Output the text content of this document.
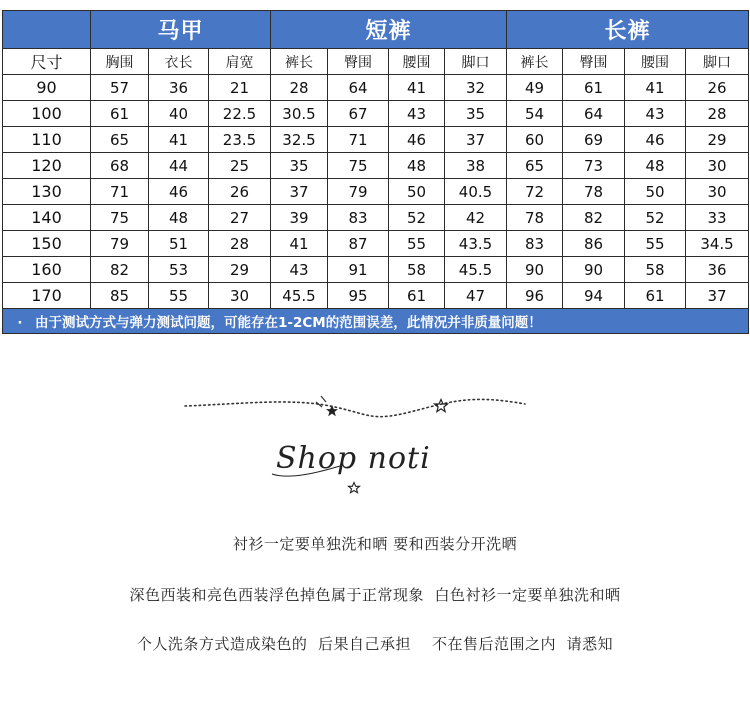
	马甲			短裤				长裤			
尺寸	胸围	衣长	肩宽	裤长	臀围	腰围	脚口	裤长	臀围	腰围	脚口
90	57	36	21	28	64	41	32	49	61	41	26
100	61	40	22.5	30.5	67	43	35	54	64	43	28
110	65	41	23.5	32.5	71	46	37	60	69	46	29
120	68	44	25	35	75	48	38	65	73	48	30
130	71	46	26	37	79	50	40.5	72	78	50	30
140	75	48	27	39	83	52	42	78	82	52	33
150	79	51	28	41	87	55	43.5	83	86	55	34.5
160	82	53	29	43	91	58	45.5	90	90	58	36
170	85	55	30	45.5	95	61	47	96	94	61	37
· 由于测试方式与弹力测试问题，可能存在1-2CM的范围误差，此情况并非质量问题！											
Shop noti
衬衫一定要单独洗和晒 要和西装分开洗晒
深色西装和亮色西装浮色掉色属于正常现象  白色衬衫一定要单独洗和晒
个人洗条方式造成染色的  后果自己承担    不在售后范围之内  请悉知
